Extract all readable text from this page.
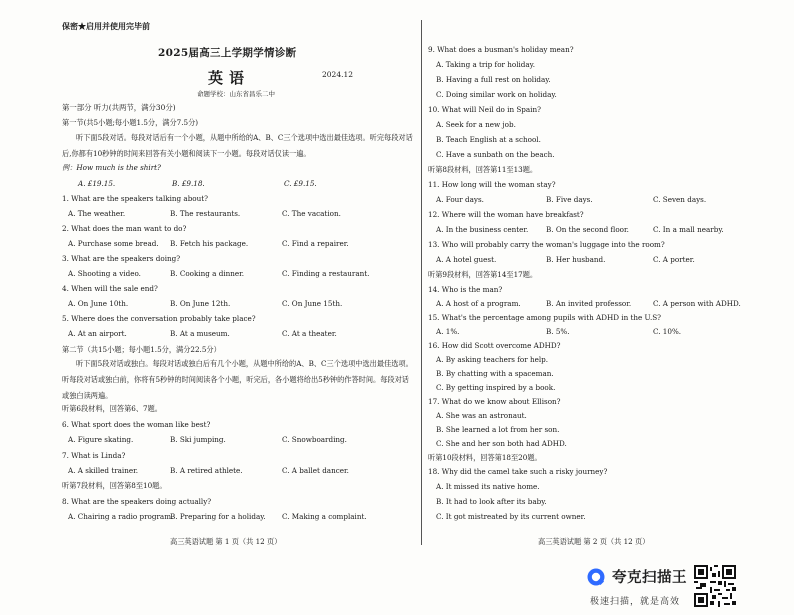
保密★启用并使用完毕前
2025届高三上学期学情诊断
英语	2024.12
命题学校：山东省昌乐二中
第一部分 听力(共两节，满分30分)
第一节(共5小题;每小题1.5分，满分7.5分)
听下面5段对话。每段对话后有一个小题，从题中所给的A、B、C三个选项中选出最佳选项。听完每段对话后,你都有10秒钟的时间来回答有关小题和阅读下一小题。每段对话仅读一遍。
例：How much is the shirt?
A. £19.15.	B. £9.18.	C. £9.15.
1. What are the speakers talking about?
A. The weather.	B. The restaurants.	C. The vacation.
2. What does the man want to do?
A. Purchase some bread. B. Fetch his package.	C. Find a repairer.
3. What are the speakers doing?
A. Shooting a video.	B. Cooking a dinner.	C. Finding a restaurant.
4. When will the sale end?
A. On June 10th.	B. On June 12th.	C. On June 15th.
5. Where does the conversation probably take place?
A. At an airport.	B. At a museum.	C. At a theater.
第二节（共15小题；每小题1.5分，满分22.5分）
听下面5段对话或独白。每段对话或独白后有几个小题，从题中所给的A、B、C三个选项中选出最佳选项。听每段对话或独白前，你将有5秒钟的时间阅读各个小题，听完后，各小题将给出5秒钟的作答时间。每段对话或独白读两遍。
听第6段材料，回答第6、7题。
6. What sport does the woman like best?
A. Figure skating.	B. Ski jumping.	C. Snowboarding.
7. What is Linda?
A. A skilled trainer.	B. A retired athlete.	C. A ballet dancer.
听第7段材料，回答第8至10题。
8. What are the speakers doing actually?
A. Chairing a radio program.
B. Preparing for a holiday. C. Making a complaint.
高三英语试题 第 1 页（共 12 页）
9. What does a busman's holiday mean?
A. Taking a trip for holiday.
B. Having a full rest on holiday.
C. Doing similar work on holiday.
10. What will Neil do in Spain?
A. Seek for a new job.
B. Teach English at a school.
C. Have a sunbath on the beach.
听第8段材料，回答第11至13题。
11. How long will the woman stay?
A. Four days.	B. Five days.	C. Seven days.
12. Where will the woman have breakfast?
A. In the business center. B. On the second floor.	C. In a mall nearby.
13. Who will probably carry the woman's luggage into the room?
A. A hotel guest.	B. Her husband.	C. A porter.
听第9段材料，回答第14至17题。
14. Who is the man?
A. A host of a program.	B. An invited professor.	C. A person with ADHD.
15. What's the percentage among pupils with ADHD in the U.S?
A. 1%.	B. 5%.	C. 10%.
16. How did Scott overcome ADHD?
A. By asking teachers for help.
B. By chatting with a spaceman.
C. By getting inspired by a book.
17. What do we know about Ellison?
A. She was an astronaut.
B. She learned a lot from her son.
C. She and her son both had ADHD.
听第10段材料，回答第18至20题。
18. Why did the camel take such a risky journey?
A. It missed its native home.
B. It had to look after its baby.
C. It got mistreated by its current owner.
高三英语试题 第 2 页（共 12 页）
夸克扫描王
极速扫描，就是高效
